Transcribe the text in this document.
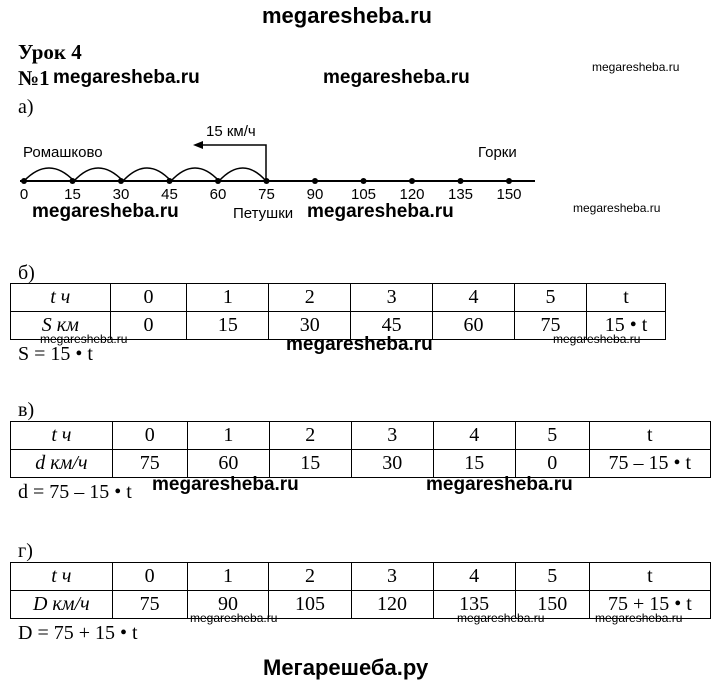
megaresheba.ru
Урок 4
№1 megaresheba.ru	megaresheba.ru	megaresheba.ru
megaresheba.ru	megaresheba.ru	megaresheba.ru
megaresheba.ru	megaresheba.ru	megaresheba.ru
megaresheba.ru	megaresheba.ru
megaresheba.ru	megaresheba.ru	megaresheba.ru
а)
15 км/ч
Ромашково	Горки
Петушки
0 15 30 45 60 75 90 105 120 135 150
б)
t ч	0	1	2	3	4	5	t
S км	0	15	30	45	60	75	15 • t
S = 15 • t
в)
t ч	0	1	2	3	4	5	t
d км/ч	75	60	15	30	15	0	75 – 15 • t
d = 75 – 15 • t
г)
t ч	0	1	2	3	4	5	t
D км/ч	75	90	105	120	135	150	75 + 15 • t
D = 75 + 15 • t
Мегарешеба.ру
